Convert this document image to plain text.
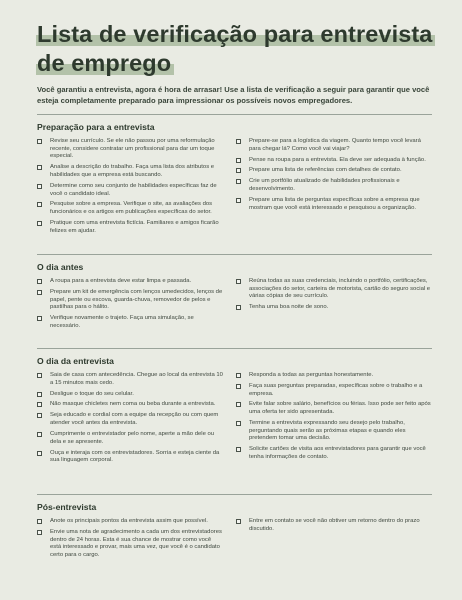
Lista de verificação para entrevista
de emprego
Você garantiu a entrevista, agora é hora de arrasar! Use a lista de verificação a seguir para garantir que você esteja completamente preparado para impressionar os possíveis novos empregadores.
Preparação para a entrevista
Revise seu currículo. Se ele não passou por uma reformulação recente, considere contratar um profissional para dar um toque especial.
Analise a descrição do trabalho. Faça uma lista dos atributos e habilidades que a empresa está buscando.
Determine como seu conjunto de habilidades específicas faz de você o candidato ideal.
Pesquise sobre a empresa. Verifique o site, as avaliações dos funcionários e os artigos em publicações específicas do setor.
Pratique com uma entrevista fictícia. Familiares e amigos ficarão felizes em ajudar.
Prepare-se para a logística da viagem. Quanto tempo você levará para chegar lá? Como você vai viajar?
Pense na roupa para a entrevista. Ela deve ser adequada à função.
Prepare uma lista de referências com detalhes de contato.
Crie um portfólio atualizado de habilidades profissionais e desenvolvimento.
Prepare uma lista de perguntas específicas sobre a empresa que mostram que você está interessado e pesquisou a organização.
O dia antes
A roupa para a entrevista deve estar limpa e passada.
Prepare um kit de emergência com lenços umedecidos, lenços de papel, pente ou escova, guarda-chuva, removedor de pelos e pastilhas para o hálito.
Verifique novamente o trajeto. Faça uma simulação, se necessário.
Reúna todas as suas credenciais, incluindo o portfólio, certificações, associações do setor, carteira de motorista, cartão do seguro social e várias cópias de seu currículo.
Tenha uma boa noite de sono.
O dia da entrevista
Saia de casa com antecedência. Chegue ao local da entrevista 10 a 15 minutos mais cedo.
Desligue o toque do seu celular.
Não masque chicletes nem coma ou beba durante a entrevista.
Seja educado e cordial com a equipe da recepção ou com quem atender você antes da entrevista.
Cumprimente o entrevistador pelo nome, aperte a mão dele ou dela e se apresente.
Ouça e interaja com os entrevistadores. Sorria e esteja ciente da sua linguagem corporal.
Responda a todas as perguntas honestamente.
Faça suas perguntas preparadas, específicas sobre o trabalho e a empresa.
Evite falar sobre salário, benefícios ou férias. Isso pode ser feito após uma oferta ter sido apresentada.
Termine a entrevista expressando seu desejo pelo trabalho, perguntando quais serão as próximas etapas e quando eles pretendem tomar uma decisão.
Solicite cartões de visita aos entrevistadores para garantir que você tenha informações de contato.
Pós-entrevista
Anote os principais pontos da entrevista assim que possível.
Envie uma nota de agradecimento a cada um dos entrevistadores dentro de 24 horas. Esta é sua chance de mostrar como você está interessado e provar, mais uma vez, que você é o candidato certo para o cargo.
Entre em contato se você não obtiver um retorno dentro do prazo discutido.
